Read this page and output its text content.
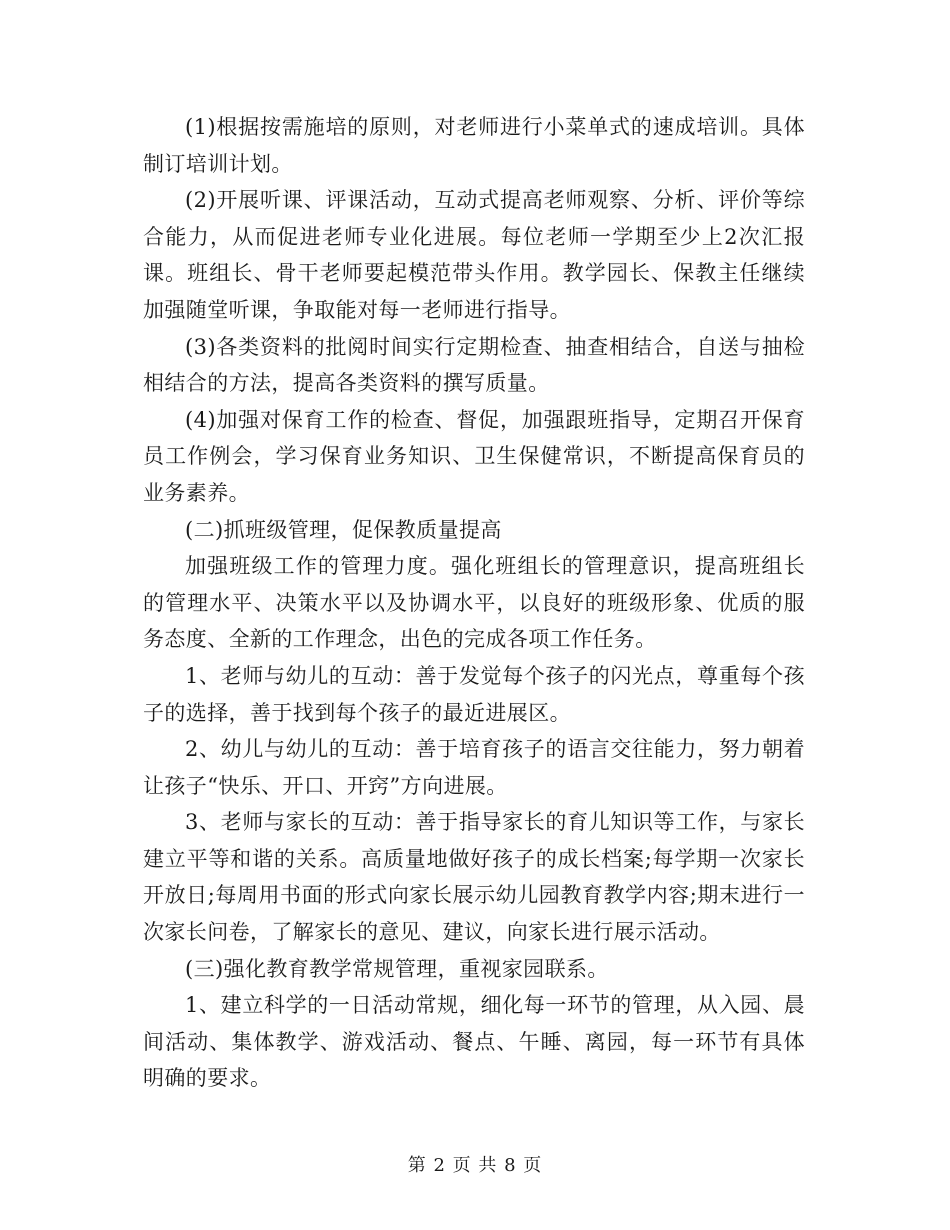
(1)根据按需施培的原则，对老师进行小菜单式的速成培训。具体制订培训计划。

(2)开展听课、评课活动，互动式提高老师观察、分析、评价等综合能力，从而促进老师专业化进展。每位老师一学期至少上2次汇报课。班组长、骨干老师要起模范带头作用。教学园长、保教主任继续加强随堂听课，争取能对每一老师进行指导。

(3)各类资料的批阅时间实行定期检查、抽查相结合，自送与抽检相结合的方法，提高各类资料的撰写质量。

(4)加强对保育工作的检查、督促，加强跟班指导，定期召开保育员工作例会，学习保育业务知识、卫生保健常识，不断提高保育员的业务素养。

(二)抓班级管理，促保教质量提高

加强班级工作的管理力度。强化班组长的管理意识，提高班组长的管理水平、决策水平以及协调水平，以良好的班级形象、优质的服务态度、全新的工作理念，出色的完成各项工作任务。

1、老师与幼儿的互动：善于发觉每个孩子的闪光点，尊重每个孩子的选择，善于找到每个孩子的最近进展区。

2、幼儿与幼儿的互动：善于培育孩子的语言交往能力，努力朝着让孩子“快乐、开口、开窍”方向进展。

3、老师与家长的互动：善于指导家长的育儿知识等工作，与家长建立平等和谐的关系。高质量地做好孩子的成长档案;每学期一次家长开放日;每周用书面的形式向家长展示幼儿园教育教学内容;期末进行一次家长问卷，了解家长的意见、建议，向家长进行展示活动。

(三)强化教育教学常规管理，重视家园联系。

1、建立科学的一日活动常规，细化每一环节的管理，从入园、晨间活动、集体教学、游戏活动、餐点、午睡、离园，每一环节有具体明确的要求。

第 2 页 共 8 页
